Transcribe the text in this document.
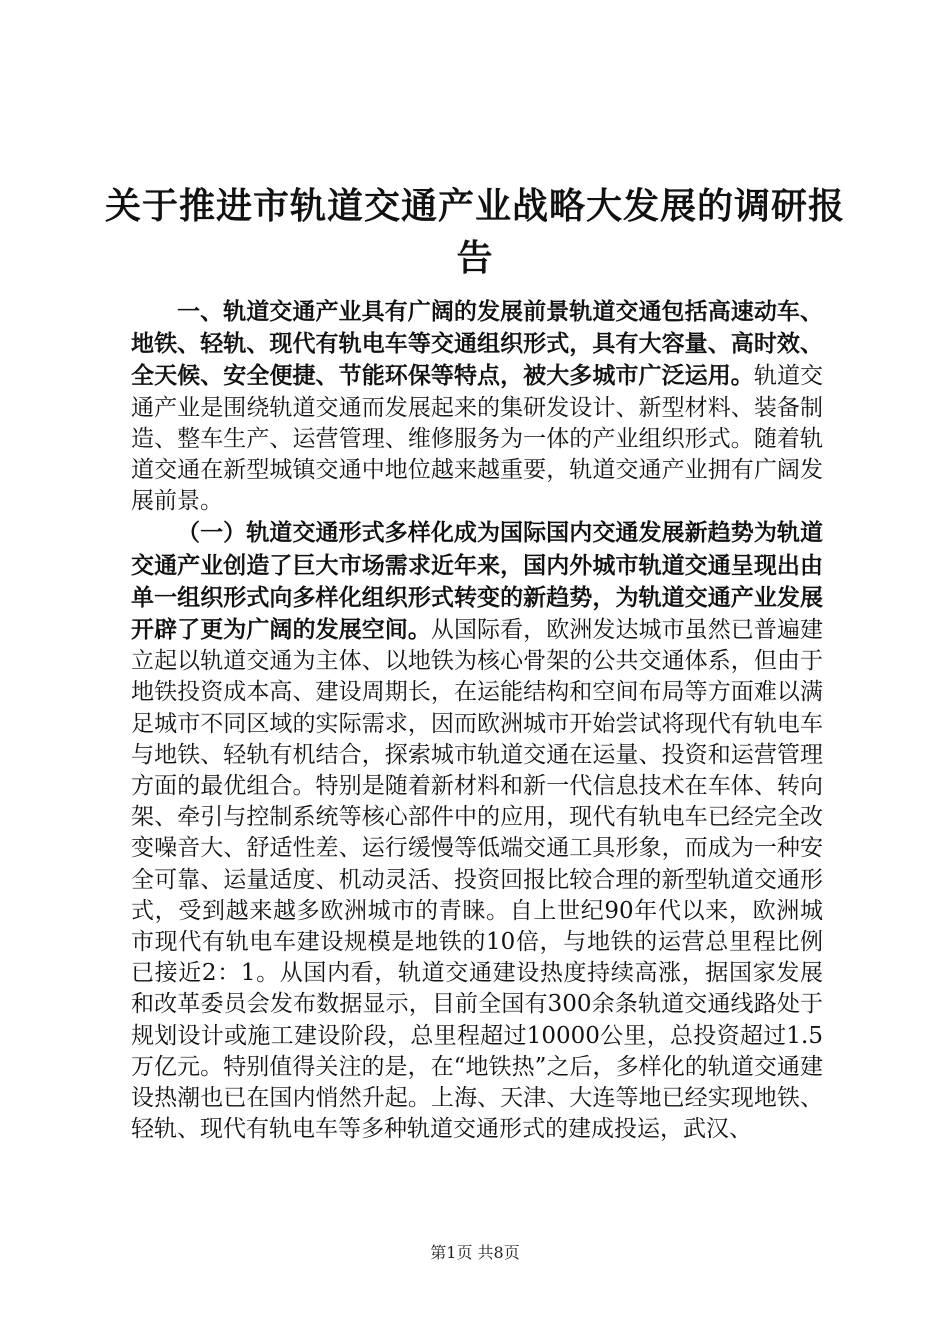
关于推进市轨道交通产业战略大发展的调研报告

一、轨道交通产业具有广阔的发展前景轨道交通包括高速动车、地铁、轻轨、现代有轨电车等交通组织形式，具有大容量、高时效、全天候、安全便捷、节能环保等特点，被大多城市广泛运用。轨道交通产业是围绕轨道交通而发展起来的集研发设计、新型材料、装备制造、整车生产、运营管理、维修服务为一体的产业组织形式。随着轨道交通在新型城镇交通中地位越来越重要，轨道交通产业拥有广阔发展前景。

（一）轨道交通形式多样化成为国际国内交通发展新趋势为轨道交通产业创造了巨大市场需求近年来，国内外城市轨道交通呈现出由单一组织形式向多样化组织形式转变的新趋势，为轨道交通产业发展开辟了更为广阔的发展空间。从国际看，欧洲发达城市虽然已普遍建立起以轨道交通为主体、以地铁为核心骨架的公共交通体系，但由于地铁投资成本高、建设周期长，在运能结构和空间布局等方面难以满足城市不同区域的实际需求，因而欧洲城市开始尝试将现代有轨电车与地铁、轻轨有机结合，探索城市轨道交通在运量、投资和运营管理方面的最优组合。特别是随着新材料和新一代信息技术在车体、转向架、牵引与控制系统等核心部件中的应用，现代有轨电车已经完全改变噪音大、舒适性差、运行缓慢等低端交通工具形象，而成为一种安全可靠、运量适度、机动灵活、投资回报比较合理的新型轨道交通形式，受到越来越多欧洲城市的青睐。自上世纪90年代以来，欧洲城市现代有轨电车建设规模是地铁的10倍，与地铁的运营总里程比例已接近2：1。从国内看，轨道交通建设热度持续高涨，据国家发展和改革委员会发布数据显示，目前全国有300余条轨道交通线路处于规划设计或施工建设阶段，总里程超过10000公里，总投资超过1.5万亿元。特别值得关注的是，在“地铁热”之后，多样化的轨道交通建设热潮也已在国内悄然升起。上海、天津、大连等地已经实现地铁、轻轨、现代有轨电车等多种轨道交通形式的建成投运，武汉、

第1页 共8页
